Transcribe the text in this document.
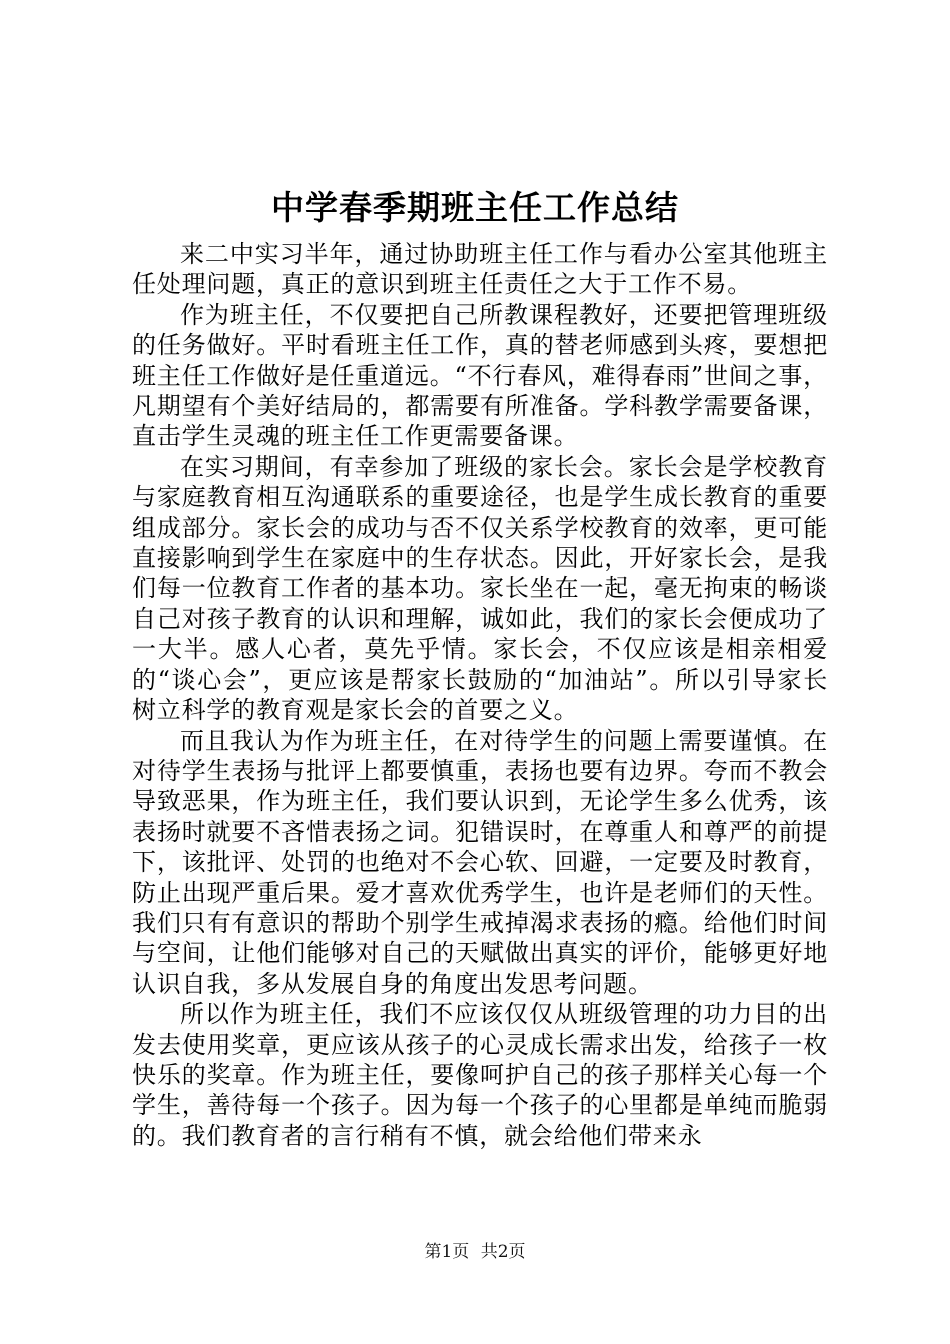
中学春季期班主任工作总结

来二中实习半年，通过协助班主任工作与看办公室其他班主任处理问题，真正的意识到班主任责任之大于工作不易。

作为班主任，不仅要把自己所教课程教好，还要把管理班级的任务做好。平时看班主任工作，真的替老师感到头疼，要想把班主任工作做好是任重道远。“不行春风，难得春雨”世间之事，凡期望有个美好结局的，都需要有所准备。学科教学需要备课，直击学生灵魂的班主任工作更需要备课。

在实习期间，有幸参加了班级的家长会。家长会是学校教育与家庭教育相互沟通联系的重要途径，也是学生成长教育的重要组成部分。家长会的成功与否不仅关系学校教育的效率，更可能直接影响到学生在家庭中的生存状态。因此，开好家长会，是我们每一位教育工作者的基本功。家长坐在一起，毫无拘束的畅谈自己对孩子教育的认识和理解，诚如此，我们的家长会便成功了一大半。感人心者，莫先乎情。家长会，不仅应该是相亲相爱的“谈心会”，更应该是帮家长鼓励的“加油站”。所以引导家长树立科学的教育观是家长会的首要之义。

而且我认为作为班主任，在对待学生的问题上需要谨慎。在对待学生表扬与批评上都要慎重，表扬也要有边界。夸而不教会导致恶果，作为班主任，我们要认识到，无论学生多么优秀，该表扬时就要不吝惜表扬之词。犯错误时，在尊重人和尊严的前提下，该批评、处罚的也绝对不会心软、回避，一定要及时教育，防止出现严重后果。爱才喜欢优秀学生，也许是老师们的天性。我们只有有意识的帮助个别学生戒掉渴求表扬的瘾。给他们时间与空间，让他们能够对自己的天赋做出真实的评价，能够更好地认识自我，多从发展自身的角度出发思考问题。

所以作为班主任，我们不应该仅仅从班级管理的功力目的出发去使用奖章，更应该从孩子的心灵成长需求出发，给孩子一枚快乐的奖章。作为班主任，要像呵护自己的孩子那样关心每一个学生，善待每一个孩子。因为每一个孩子的心里都是单纯而脆弱的。我们教育者的言行稍有不慎，就会给他们带来永

第1页 共2页
